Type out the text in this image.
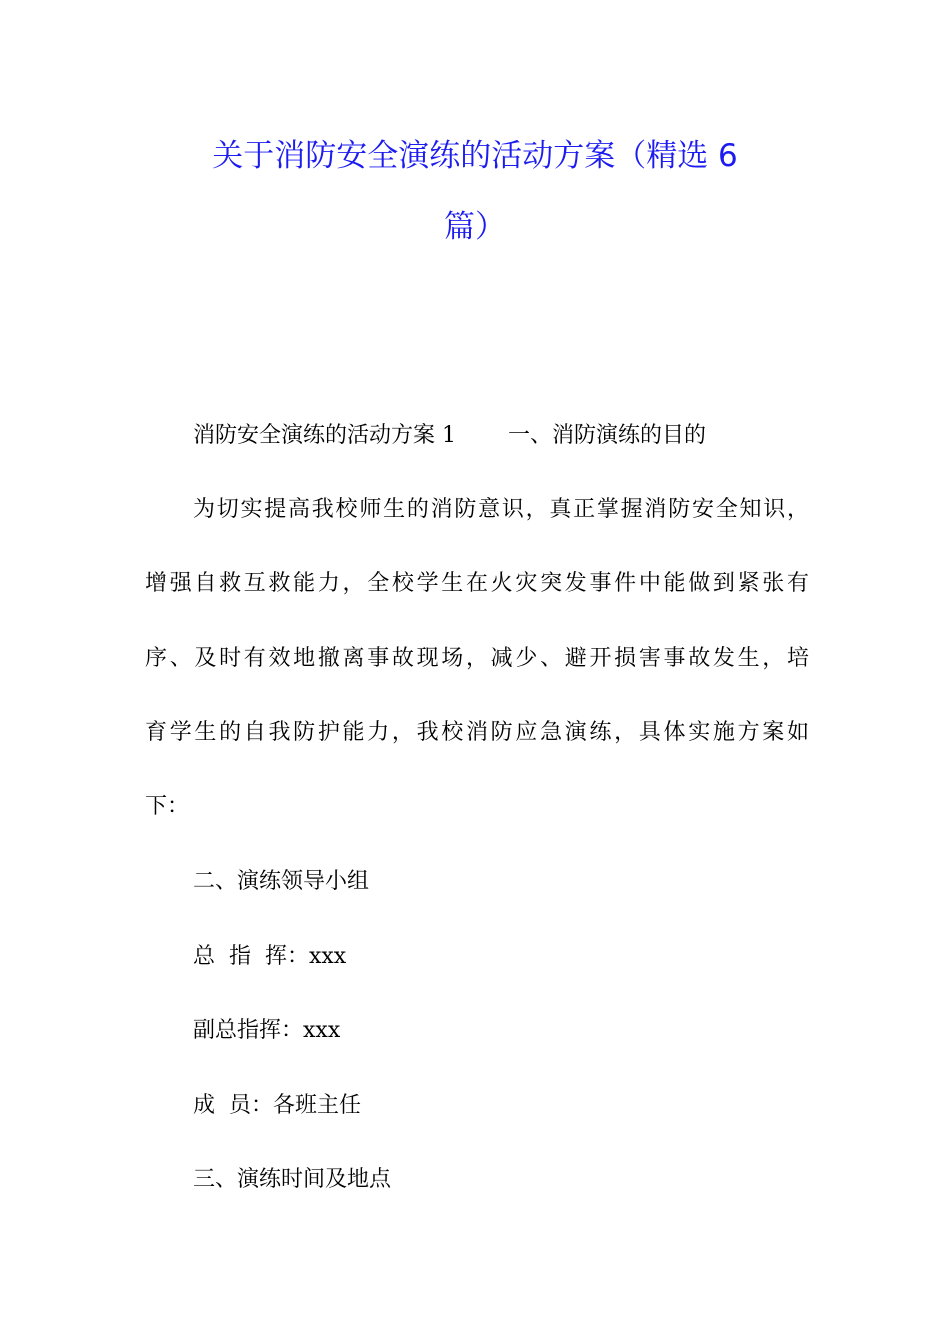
关于消防安全演练的活动方案（精选 6
篇）
消防安全演练的活动方案 1 一、消防演练的目的
为切实提高我校师生的消防意识，真正掌握消防安全知识，
增强自救互救能力，全校学生在火灾突发事件中能做到紧张有
序、及时有效地撤离事故现场，减少、避开损害事故发生，培
育学生的自我防护能力，我校消防应急演练，具体实施方案如
下：
二、演练领导小组
总  指  挥：xxx
副总指挥：xxx
成  员：各班主任
三、演练时间及地点
